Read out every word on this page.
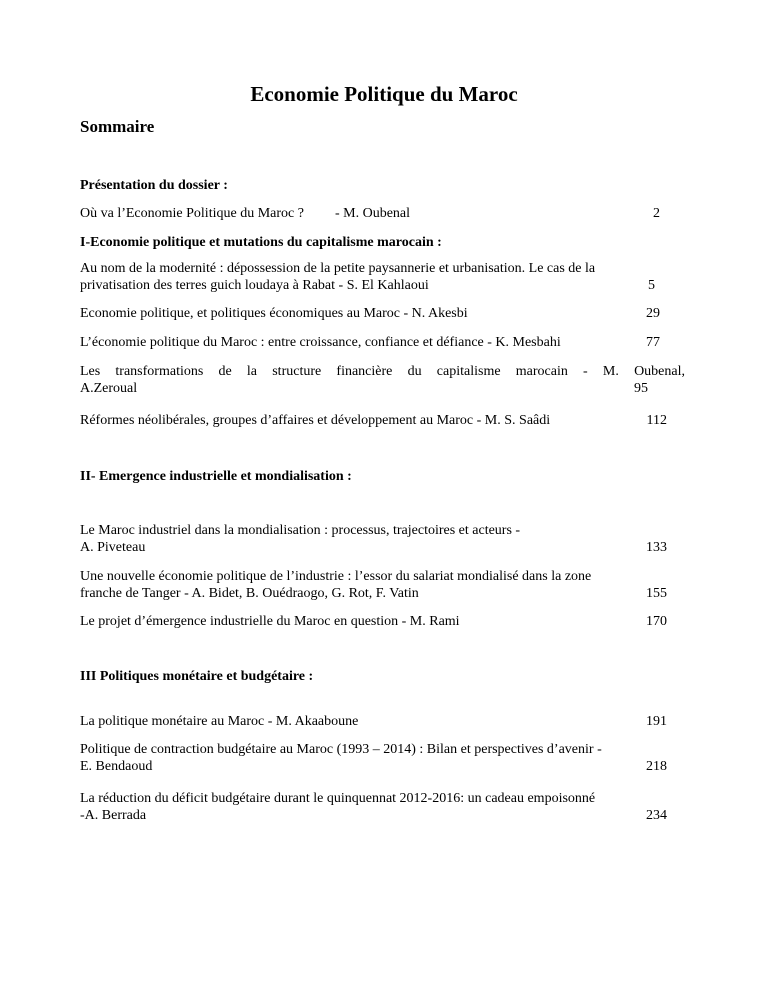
Economie Politique du Maroc
Sommaire
Présentation du dossier :
Où va l’Economie Politique du Maroc ?	- M. Oubenal	2
I-Economie politique et mutations du capitalisme marocain :
Au nom de la modernité : dépossession de la petite paysannerie et urbanisation. Le cas de la
privatisation des terres guich loudaya à Rabat - S. El Kahlaoui	5
Economie politique, et politiques économiques au Maroc - N. Akesbi	29
L’économie politique du Maroc : entre croissance, confiance et défiance - K. Mesbahi	77
Les transformations de la structure financière du capitalisme marocain - M. Oubenal,
A.Zeroual	95
Réformes néolibérales, groupes d’affaires et développement au Maroc - M. S. Saâdi	112
II- Emergence industrielle et mondialisation :
Le Maroc industriel dans la mondialisation : processus, trajectoires et acteurs -
A. Piveteau	133
Une nouvelle économie politique de l’industrie : l’essor du salariat mondialisé dans la zone
franche de Tanger - A. Bidet, B. Ouédraogo, G. Rot, F. Vatin	155
Le projet d’émergence industrielle du Maroc en question - M. Rami	170
III Politiques monétaire et budgétaire :
La politique monétaire au Maroc - M. Akaaboune	191
Politique de contraction budgétaire au Maroc (1993 – 2014) : Bilan et perspectives d’avenir -
E. Bendaoud	218
La réduction du déficit budgétaire durant le quinquennat 2012-2016: un cadeau empoisonné
-A. Berrada	234
